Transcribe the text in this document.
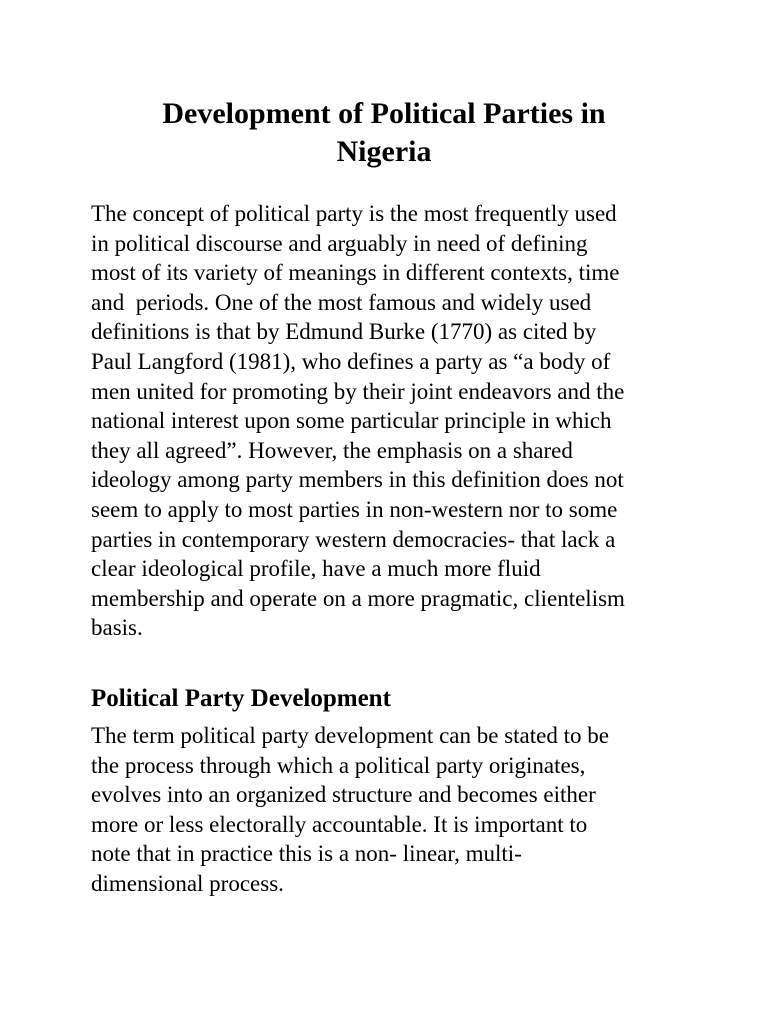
Development of Political Parties in
Nigeria
The concept of political party is the most frequently used
in political discourse and arguably in need of defining
most of its variety of meanings in different contexts, time
and  periods. One of the most famous and widely used
definitions is that by Edmund Burke (1770) as cited by
Paul Langford (1981), who defines a party as “a body of
men united for promoting by their joint endeavors and the
national interest upon some particular principle in which
they all agreed”. However, the emphasis on a shared
ideology among party members in this definition does not
seem to apply to most parties in non-western nor to some
parties in contemporary western democracies- that lack a
clear ideological profile, have a much more fluid
membership and operate on a more pragmatic, clientelism
basis.
Political Party Development
The term political party development can be stated to be
the process through which a political party originates,
evolves into an organized structure and becomes either
more or less electorally accountable. It is important to
note that in practice this is a non- linear, multi-
dimensional process.
